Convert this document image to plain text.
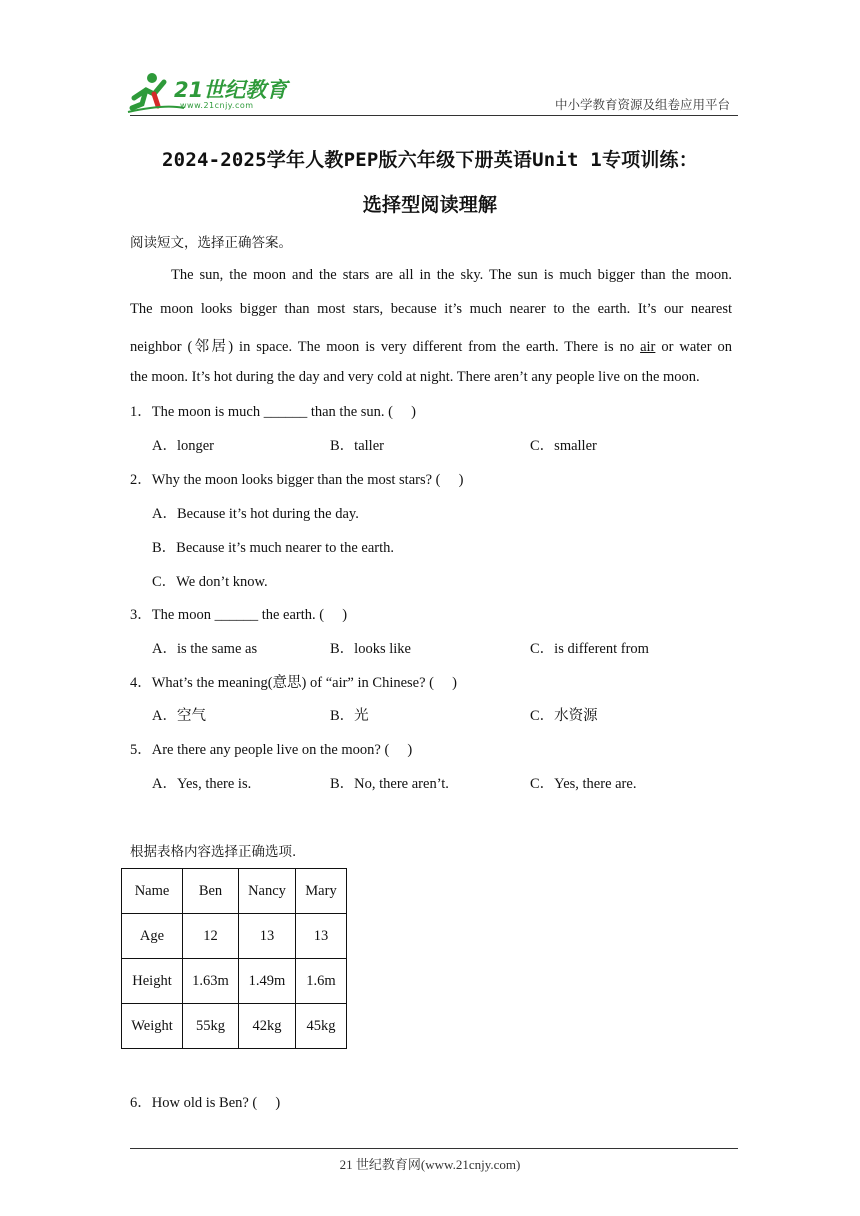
21世纪教育
www.21cnjy.com	中小学教育资源及组卷应用平台
2024-2025学年人教PEP版六年级下册英语Unit 1专项训练：
选择型阅读理解
阅读短文，选择正确答案。
The sun, the moon and the stars are all in the sky. The sun is much bigger than the moon.
The moon looks bigger than most stars, because it’s much nearer to the earth. It’s our nearest
neighbor (邻居) in space. The moon is very different from the earth. There is no air or water on
the moon. It’s hot during the day and very cold at night. There aren’t any people live on the moon.
1．The moon is much ______ than the sun. (　 )
A．longer	B．taller	C．smaller
2．Why the moon looks bigger than the most stars? (　 )
A．Because it’s hot during the day.
B．Because it’s much nearer to the earth.
C．We don’t know.
3．The moon ______ the earth. (　 )
A．is the same as	B．looks like	C．is different from
4．What’s the meaning(意思) of “air” in Chinese? (　 )
A．空气	B．光	C．水资源
5．Are there any people live on the moon? (　 )
A．Yes, there is.	B．No, there aren’t.	C．Yes, there are.
根据表格内容选择正确选项.
Name	Ben	Nancy	Mary
Age	12	13	13
Height	1.63m	1.49m	1.6m
Weight	55kg	42kg	45kg
6．How old is Ben? (　 )
21 世纪教育网(www.21cnjy.com)
